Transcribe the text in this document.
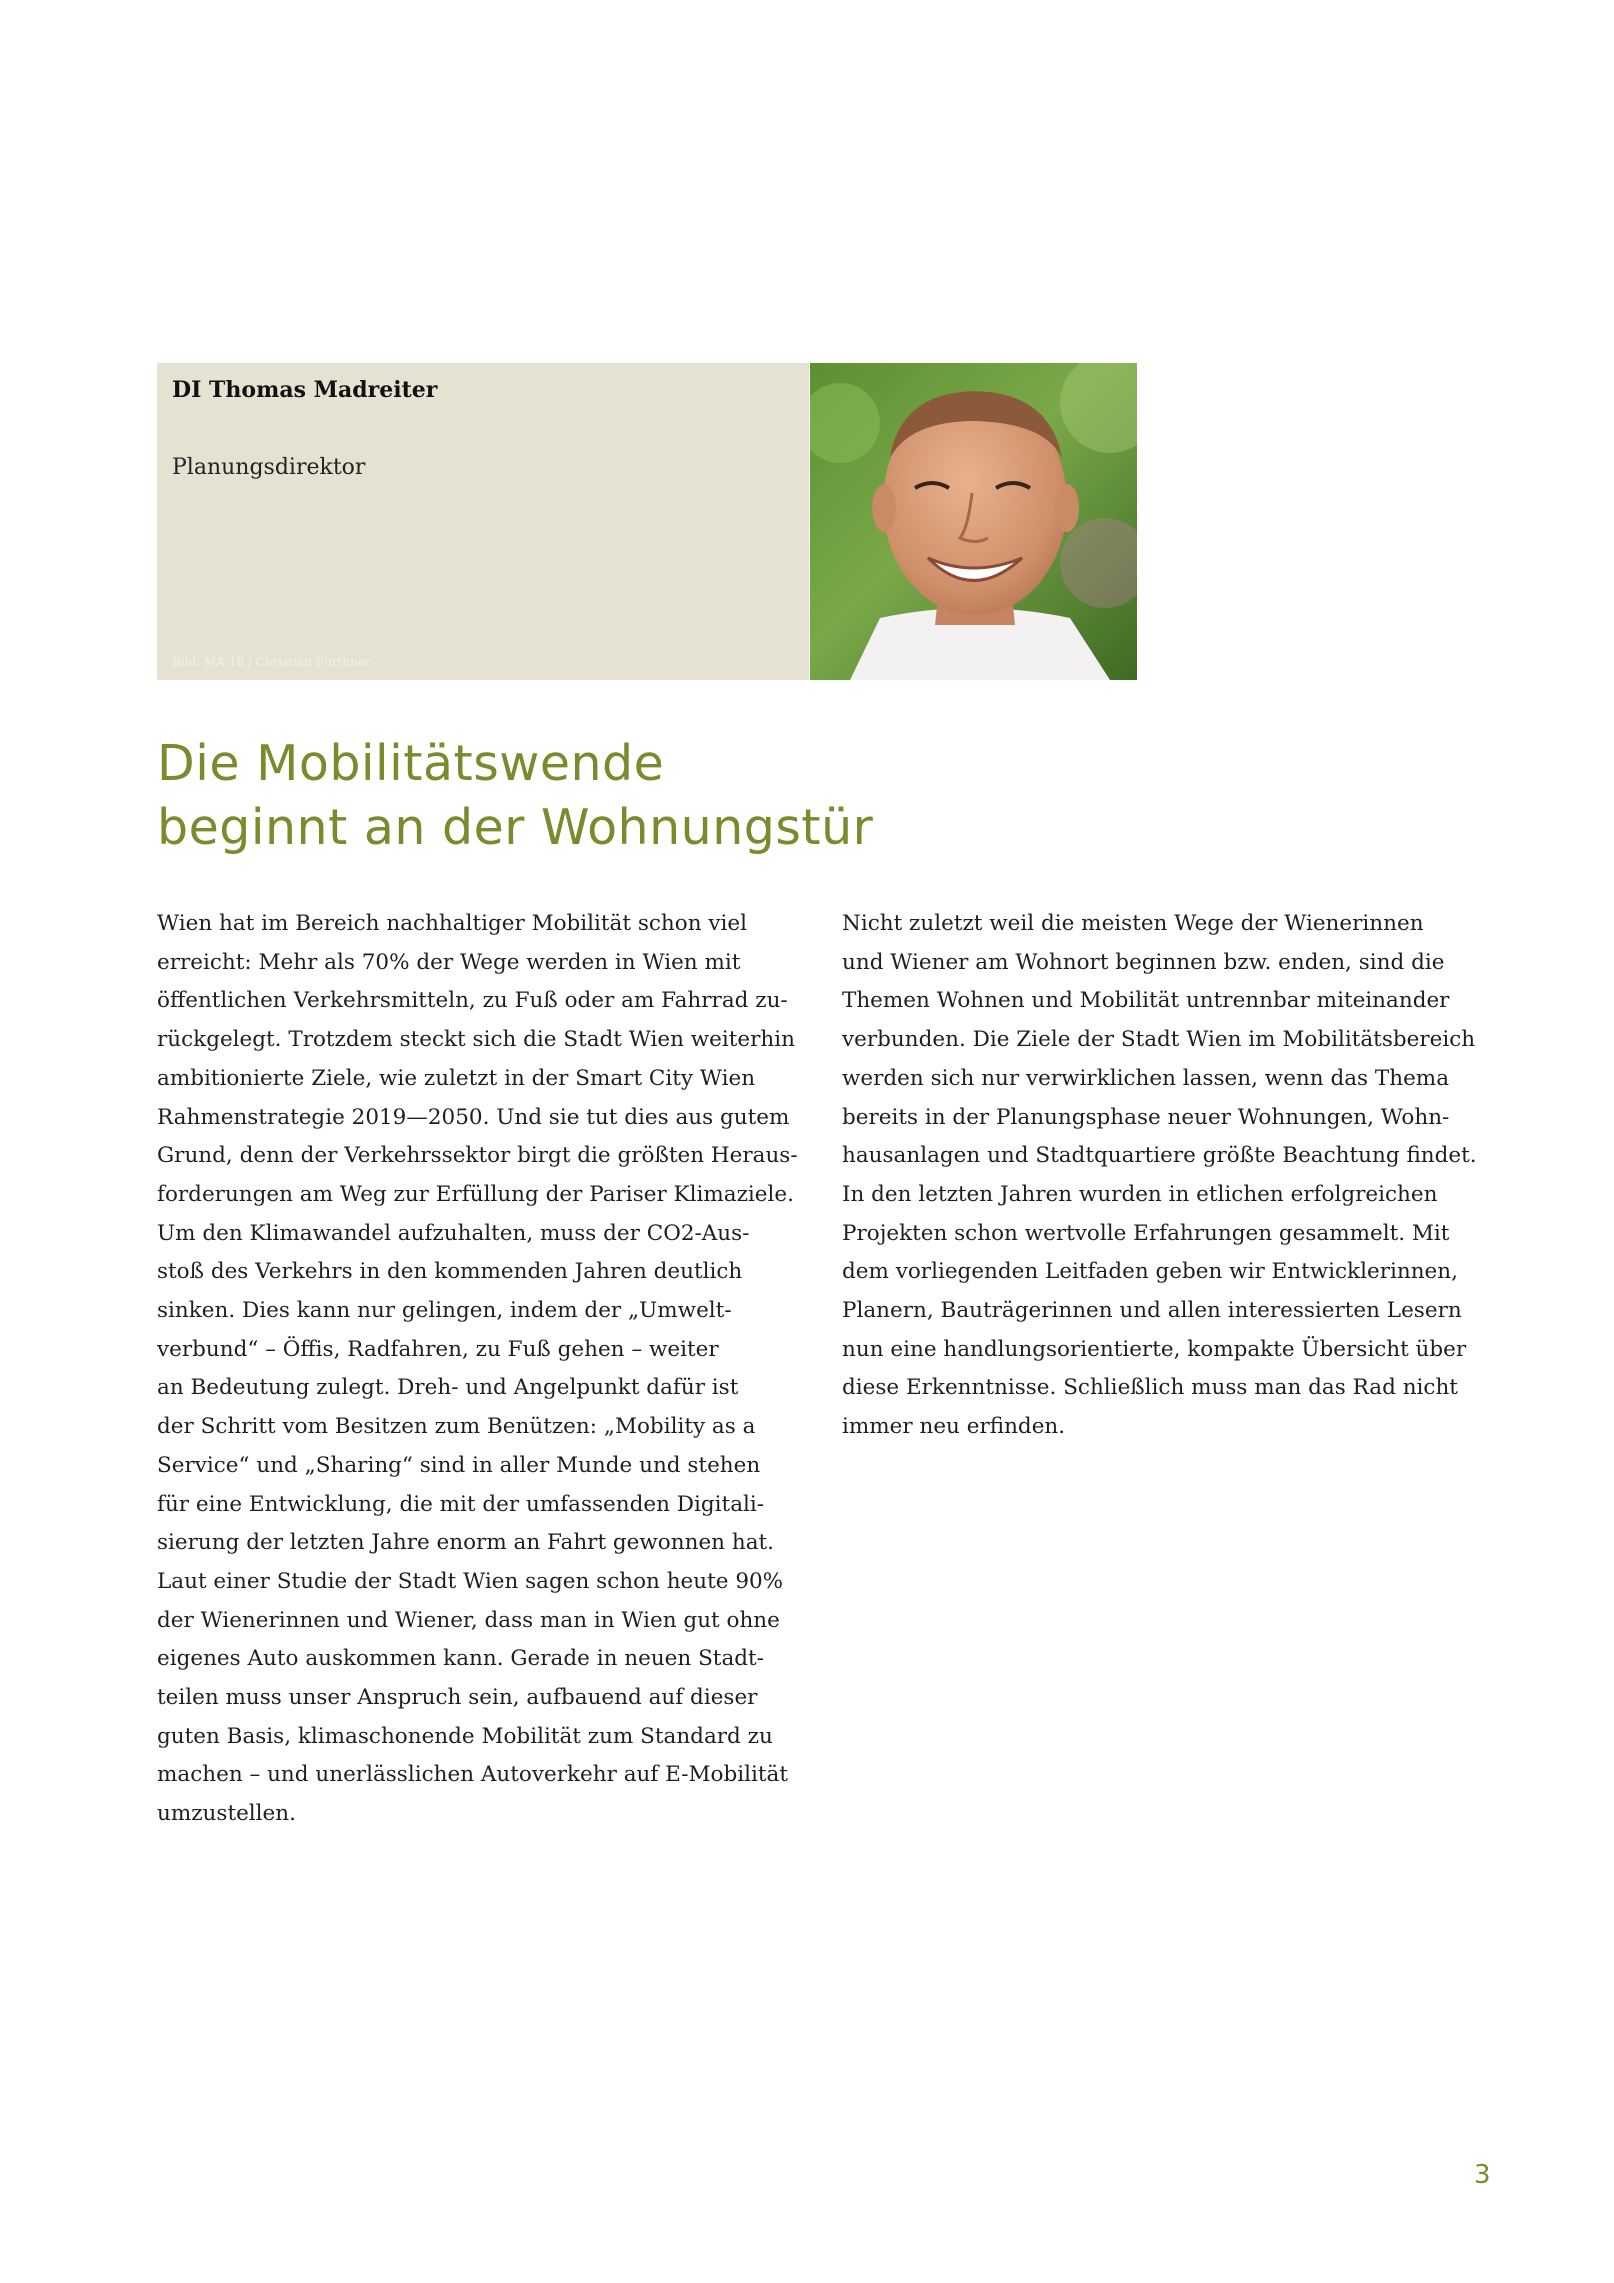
DI Thomas Madreiter
Planungsdirektor
Bild: MA 18 / Christian Fürthner
Die Mobilitätswende
beginnt an der Wohnungstür
Wien hat im Bereich nachhaltiger Mobilität schon viel
erreicht: Mehr als 70% der Wege werden in Wien mit
öffentlichen Verkehrsmitteln, zu Fuß oder am Fahrrad zu-
rückgelegt. Trotzdem steckt sich die Stadt Wien weiterhin
ambitionierte Ziele, wie zuletzt in der Smart City Wien
Rahmenstrategie 2019—2050. Und sie tut dies aus gutem
Grund, denn der Verkehrssektor birgt die größten Heraus-
forderungen am Weg zur Erfüllung der Pariser Klimaziele.
Um den Klimawandel aufzuhalten, muss der CO2-Aus-
stoß des Verkehrs in den kommenden Jahren deutlich
sinken. Dies kann nur gelingen, indem der „Umwelt-
verbund“ – Öffis, Radfahren, zu Fuß gehen – weiter
an Bedeutung zulegt. Dreh- und Angelpunkt dafür ist
der Schritt vom Besitzen zum Benützen: „Mobility as a
Service“ und „Sharing“ sind in aller Munde und stehen
für eine Entwicklung, die mit der umfassenden Digitali-
sierung der letzten Jahre enorm an Fahrt gewonnen hat.
Laut einer Studie der Stadt Wien sagen schon heute 90%
der Wienerinnen und Wiener, dass man in Wien gut ohne
eigenes Auto auskommen kann. Gerade in neuen Stadt-
teilen muss unser Anspruch sein, aufbauend auf dieser
guten Basis, klimaschonende Mobilität zum Standard zu
machen – und unerlässlichen Autoverkehr auf E-Mobilität
umzustellen.
Nicht zuletzt weil die meisten Wege der Wienerinnen
und Wiener am Wohnort beginnen bzw. enden, sind die
Themen Wohnen und Mobilität untrennbar miteinander
verbunden. Die Ziele der Stadt Wien im Mobilitätsbereich
werden sich nur verwirklichen lassen, wenn das Thema
bereits in der Planungsphase neuer Wohnungen, Wohn-
hausanlagen und Stadtquartiere größte Beachtung findet.
In den letzten Jahren wurden in etlichen erfolgreichen
Projekten schon wertvolle Erfahrungen gesammelt. Mit
dem vorliegenden Leitfaden geben wir Entwicklerinnen,
Planern, Bauträgerinnen und allen interessierten Lesern
nun eine handlungsorientierte, kompakte Übersicht über
diese Erkenntnisse. Schließlich muss man das Rad nicht
immer neu erfinden.
3
